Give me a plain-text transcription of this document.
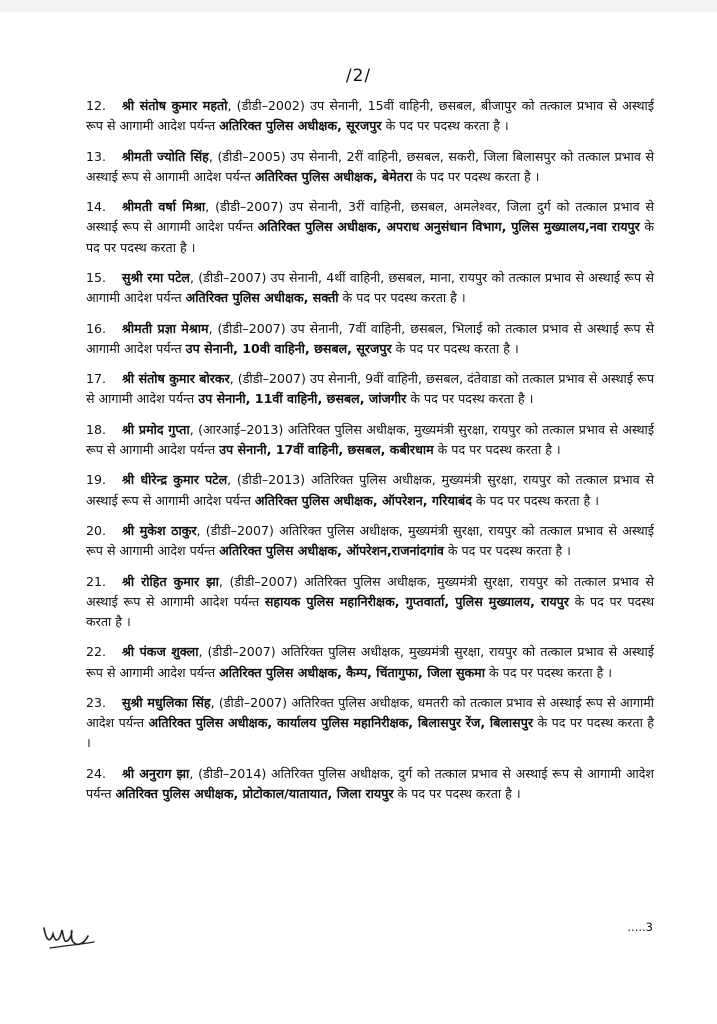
/2/

12. श्री संतोष कुमार महतो, (डीडी–2002) उप सेनानी, 15वीं वाहिनी, छसबल, बीजापुर को तत्काल प्रभाव से अस्थाई रूप से आगामी आदेश पर्यन्त अतिरिक्त पुलिस अधीक्षक, सूरजपुर के पद पर पदस्थ करता है ।

13. श्रीमती ज्योति सिंह, (डीडी–2005) उप सेनानी, 2रीं वाहिनी, छसबल, सकरी, जिला बिलासपुर को तत्काल प्रभाव से अस्थाई रूप से आगामी आदेश पर्यन्त अतिरिक्त पुलिस अधीक्षक, बेमेतरा के पद पर पदस्थ करता है ।

14. श्रीमती वर्षा मिश्रा, (डीडी–2007) उप सेनानी, 3रीं वाहिनी, छसबल, अमलेश्वर, जिला दुर्ग को तत्काल प्रभाव से अस्थाई रूप से आगामी आदेश पर्यन्त अतिरिक्त पुलिस अधीक्षक, अपराध अनुसंधान विभाग, पुलिस मुख्यालय,नवा रायपुर के पद पर पदस्थ करता है ।

15. सुश्री रमा पटेल, (डीडी–2007) उप सेनानी, 4थीं वाहिनी, छसबल, माना, रायपुर को तत्काल प्रभाव से अस्थाई रूप से आगामी आदेश पर्यन्त अतिरिक्त पुलिस अधीक्षक, सक्ती के पद पर पदस्थ करता है ।

16. श्रीमती प्रज्ञा मेश्राम, (डीडी–2007) उप सेनानी, 7वीं वाहिनी, छसबल, भिलाई को तत्काल प्रभाव से अस्थाई रूप से आगामी आदेश पर्यन्त उप सेनानी, 10वी वाहिनी, छसबल, सूरजपुर के पद पर पदस्थ करता है ।

17. श्री संतोष कुमार बोरकर, (डीडी–2007) उप सेनानी, 9वीं वाहिनी, छसबल, दंतेवाडा को तत्काल प्रभाव से अस्थाई रूप से आगामी आदेश पर्यन्त उप सेनानी, 11वीं वाहिनी, छसबल, जांजगीर के पद पर पदस्थ करता है ।

18. श्री प्रमोद गुप्ता, (आरआई–2013) अतिरिक्त पुलिस अधीक्षक, मुख्यमंत्री सुरक्षा, रायपुर को तत्काल प्रभाव से अस्थाई रूप से आगामी आदेश पर्यन्त उप सेनानी, 17वीं वाहिनी, छसबल, कबीरधाम के पद पर पदस्थ करता है ।

19. श्री धीरेन्द्र कुमार पटेल, (डीडी–2013) अतिरिक्त पुलिस अधीक्षक, मुख्यमंत्री सुरक्षा, रायपुर को तत्काल प्रभाव से अस्थाई रूप से आगामी आदेश पर्यन्त अतिरिक्त पुलिस अधीक्षक, ऑपरेशन, गरियाबंद के पद पर पदस्थ करता है ।

20. श्री मुकेश ठाकुर, (डीडी–2007) अतिरिक्त पुलिस अधीक्षक, मुख्यमंत्री सुरक्षा, रायपुर को तत्काल प्रभाव से अस्थाई रूप से आगामी आदेश पर्यन्त अतिरिक्त पुलिस अधीक्षक, ऑपरेशन,राजनांदगांव के पद पर पदस्थ करता है ।

21. श्री रोहित कुमार झा, (डीडी–2007) अतिरिक्त पुलिस अधीक्षक, मुख्यमंत्री सुरक्षा, रायपुर को तत्काल प्रभाव से अस्थाई रूप से आगामी आदेश पर्यन्त सहायक पुलिस महानिरीक्षक, गुप्तवार्ता, पुलिस मुख्यालय, रायपुर के पद पर पदस्थ करता है ।

22. श्री पंकज शुक्ला, (डीडी–2007) अतिरिक्त पुलिस अधीक्षक, मुख्यमंत्री सुरक्षा, रायपुर को तत्काल प्रभाव से अस्थाई रूप से आगामी आदेश पर्यन्त अतिरिक्त पुलिस अधीक्षक, कैम्प, चिंतागुफा, जिला सुकमा के पद पर पदस्थ करता है ।

23. सुश्री मधुलिका सिंह, (डीडी–2007) अतिरिक्त पुलिस अधीक्षक, धमतरी को तत्काल प्रभाव से अस्थाई रूप से आगामी आदेश पर्यन्त अतिरिक्त पुलिस अधीक्षक, कार्यालय पुलिस महानिरीक्षक, बिलासपुर रेंज, बिलासपुर के पद पर पदस्थ करता है ।

24. श्री अनुराग झा, (डीडी–2014) अतिरिक्त पुलिस अधीक्षक, दुर्ग को तत्काल प्रभाव से अस्थाई रूप से आगामी आदेश पर्यन्त अतिरिक्त पुलिस अधीक्षक, प्रोटोकाल/यातायात, जिला रायपुर के पद पर पदस्थ करता है ।

.....3
